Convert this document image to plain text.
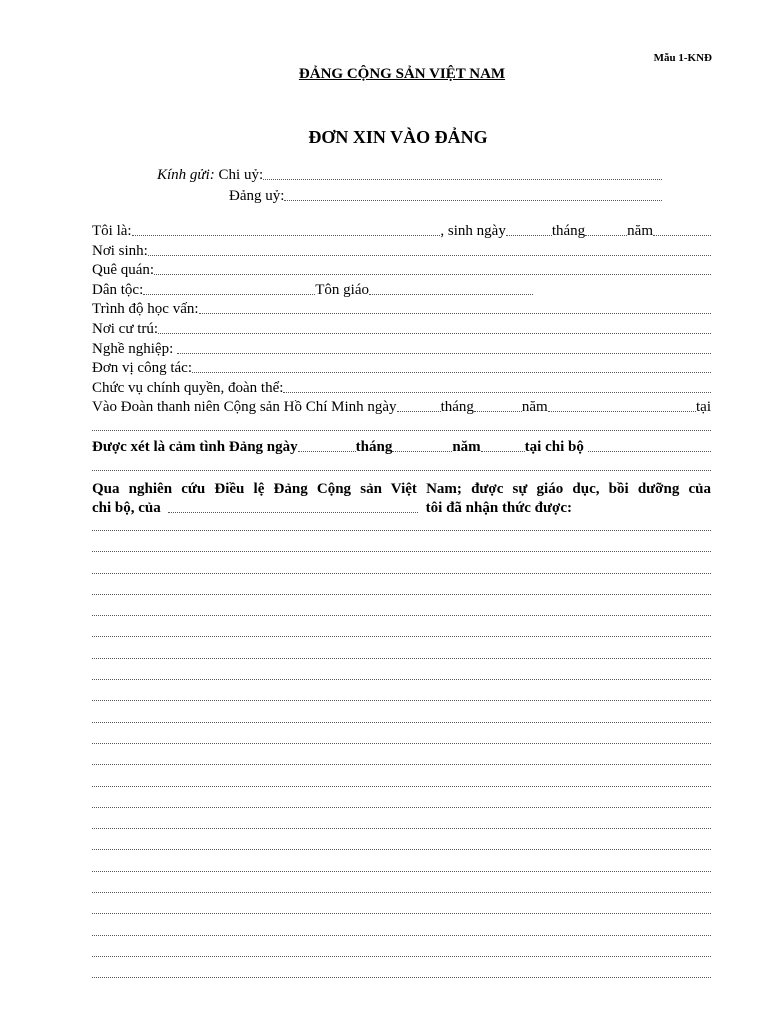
Mẫu 1-KNĐ
ĐẢNG CỘNG SẢN VIỆT NAM
ĐƠN XIN VÀO ĐẢNG
Kính gửi:
Chi uỷ:
Đảng uỷ:
Tôi là:	, sinh ngày	tháng	năm
Nơi sinh:
Quê quán:
Dân tộc:	Tôn giáo
Trình độ học vấn:
Nơi cư trú:
Nghề nghiệp:

Đơn vị công tác:
Chức vụ chính quyền, đoàn thể:
Vào Đoàn thanh niên Cộng sản Hồ Chí Minh ngày	tháng	năm	tại
Được xét là cảm tình Đảng ngày	tháng	năm	tại chi bộ

Qua nghiên cứu Điều lệ Đảng Cộng sản Việt Nam; được sự giáo dục, bồi dưỡng của
chi bộ, của

	tôi đã nhận thức được:
